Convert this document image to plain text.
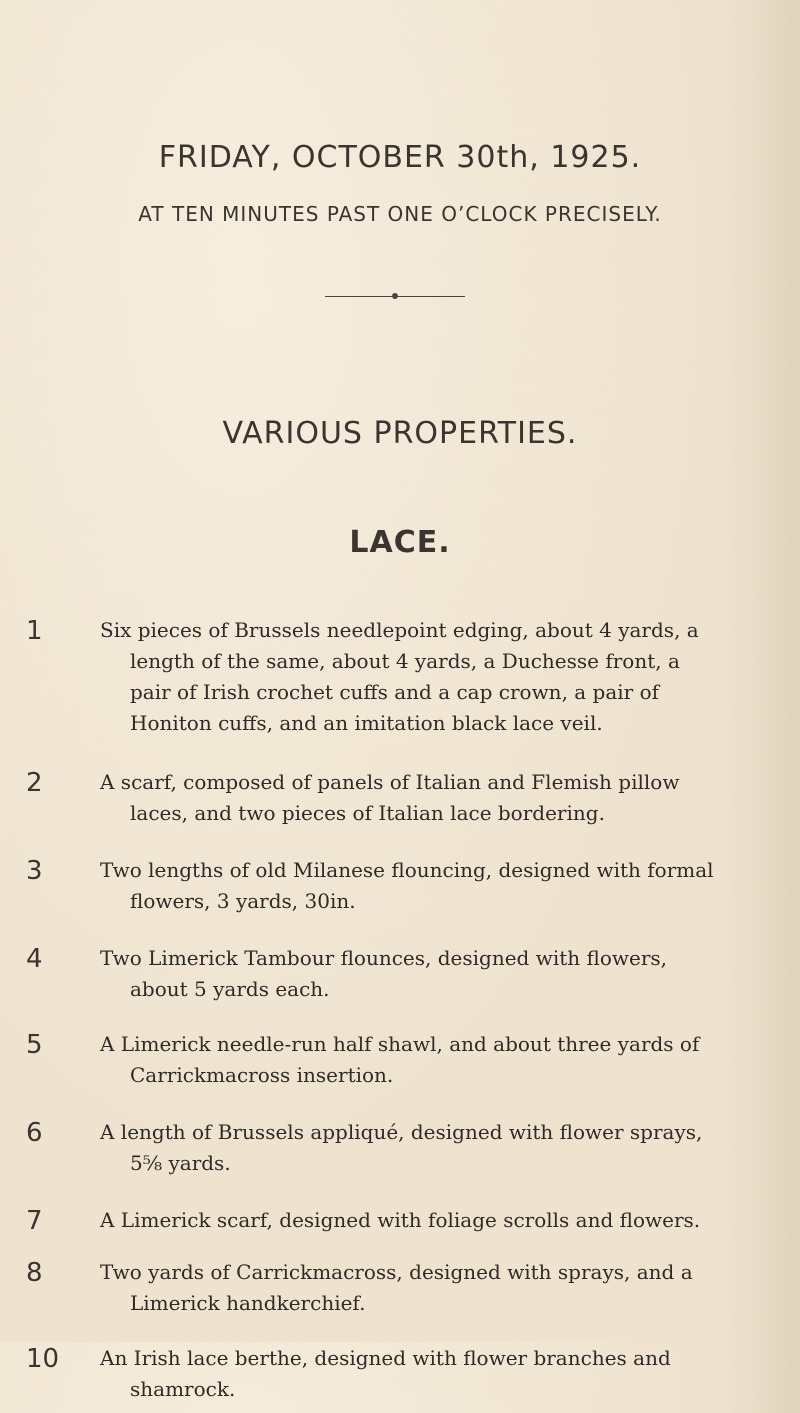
FRIDAY, OCTOBER 30th, 1925.
AT TEN MINUTES PAST ONE O’CLOCK PRECISELY.
VARIOUS PROPERTIES.
LACE.
1	Six pieces of Brussels needlepoint edging, about 4 yards, a
length of the same, about 4 yards, a Duchesse front, a
pair of Irish crochet cuffs and a cap crown, a pair of
Honiton cuffs, and an imitation black lace veil.
2	A scarf, composed of panels of Italian and Flemish pillow
laces, and two pieces of Italian lace bordering.
3	Two lengths of old Milanese flouncing, designed with formal
flowers, 3 yards, 30in.
4	Two Limerick Tambour flounces, designed with flowers,
about 5 yards each.
5	A Limerick needle-run half shawl, and about three yards of
Carrickmacross insertion.
6	A length of Brussels appliqué, designed with flower sprays,
5⅝ yards.
7	A Limerick scarf, designed with foliage scrolls and flowers.
8	Two yards of Carrickmacross, designed with sprays, and a
Limerick handkerchief.
10	An Irish lace berthe, designed with flower branches and
shamrock.
